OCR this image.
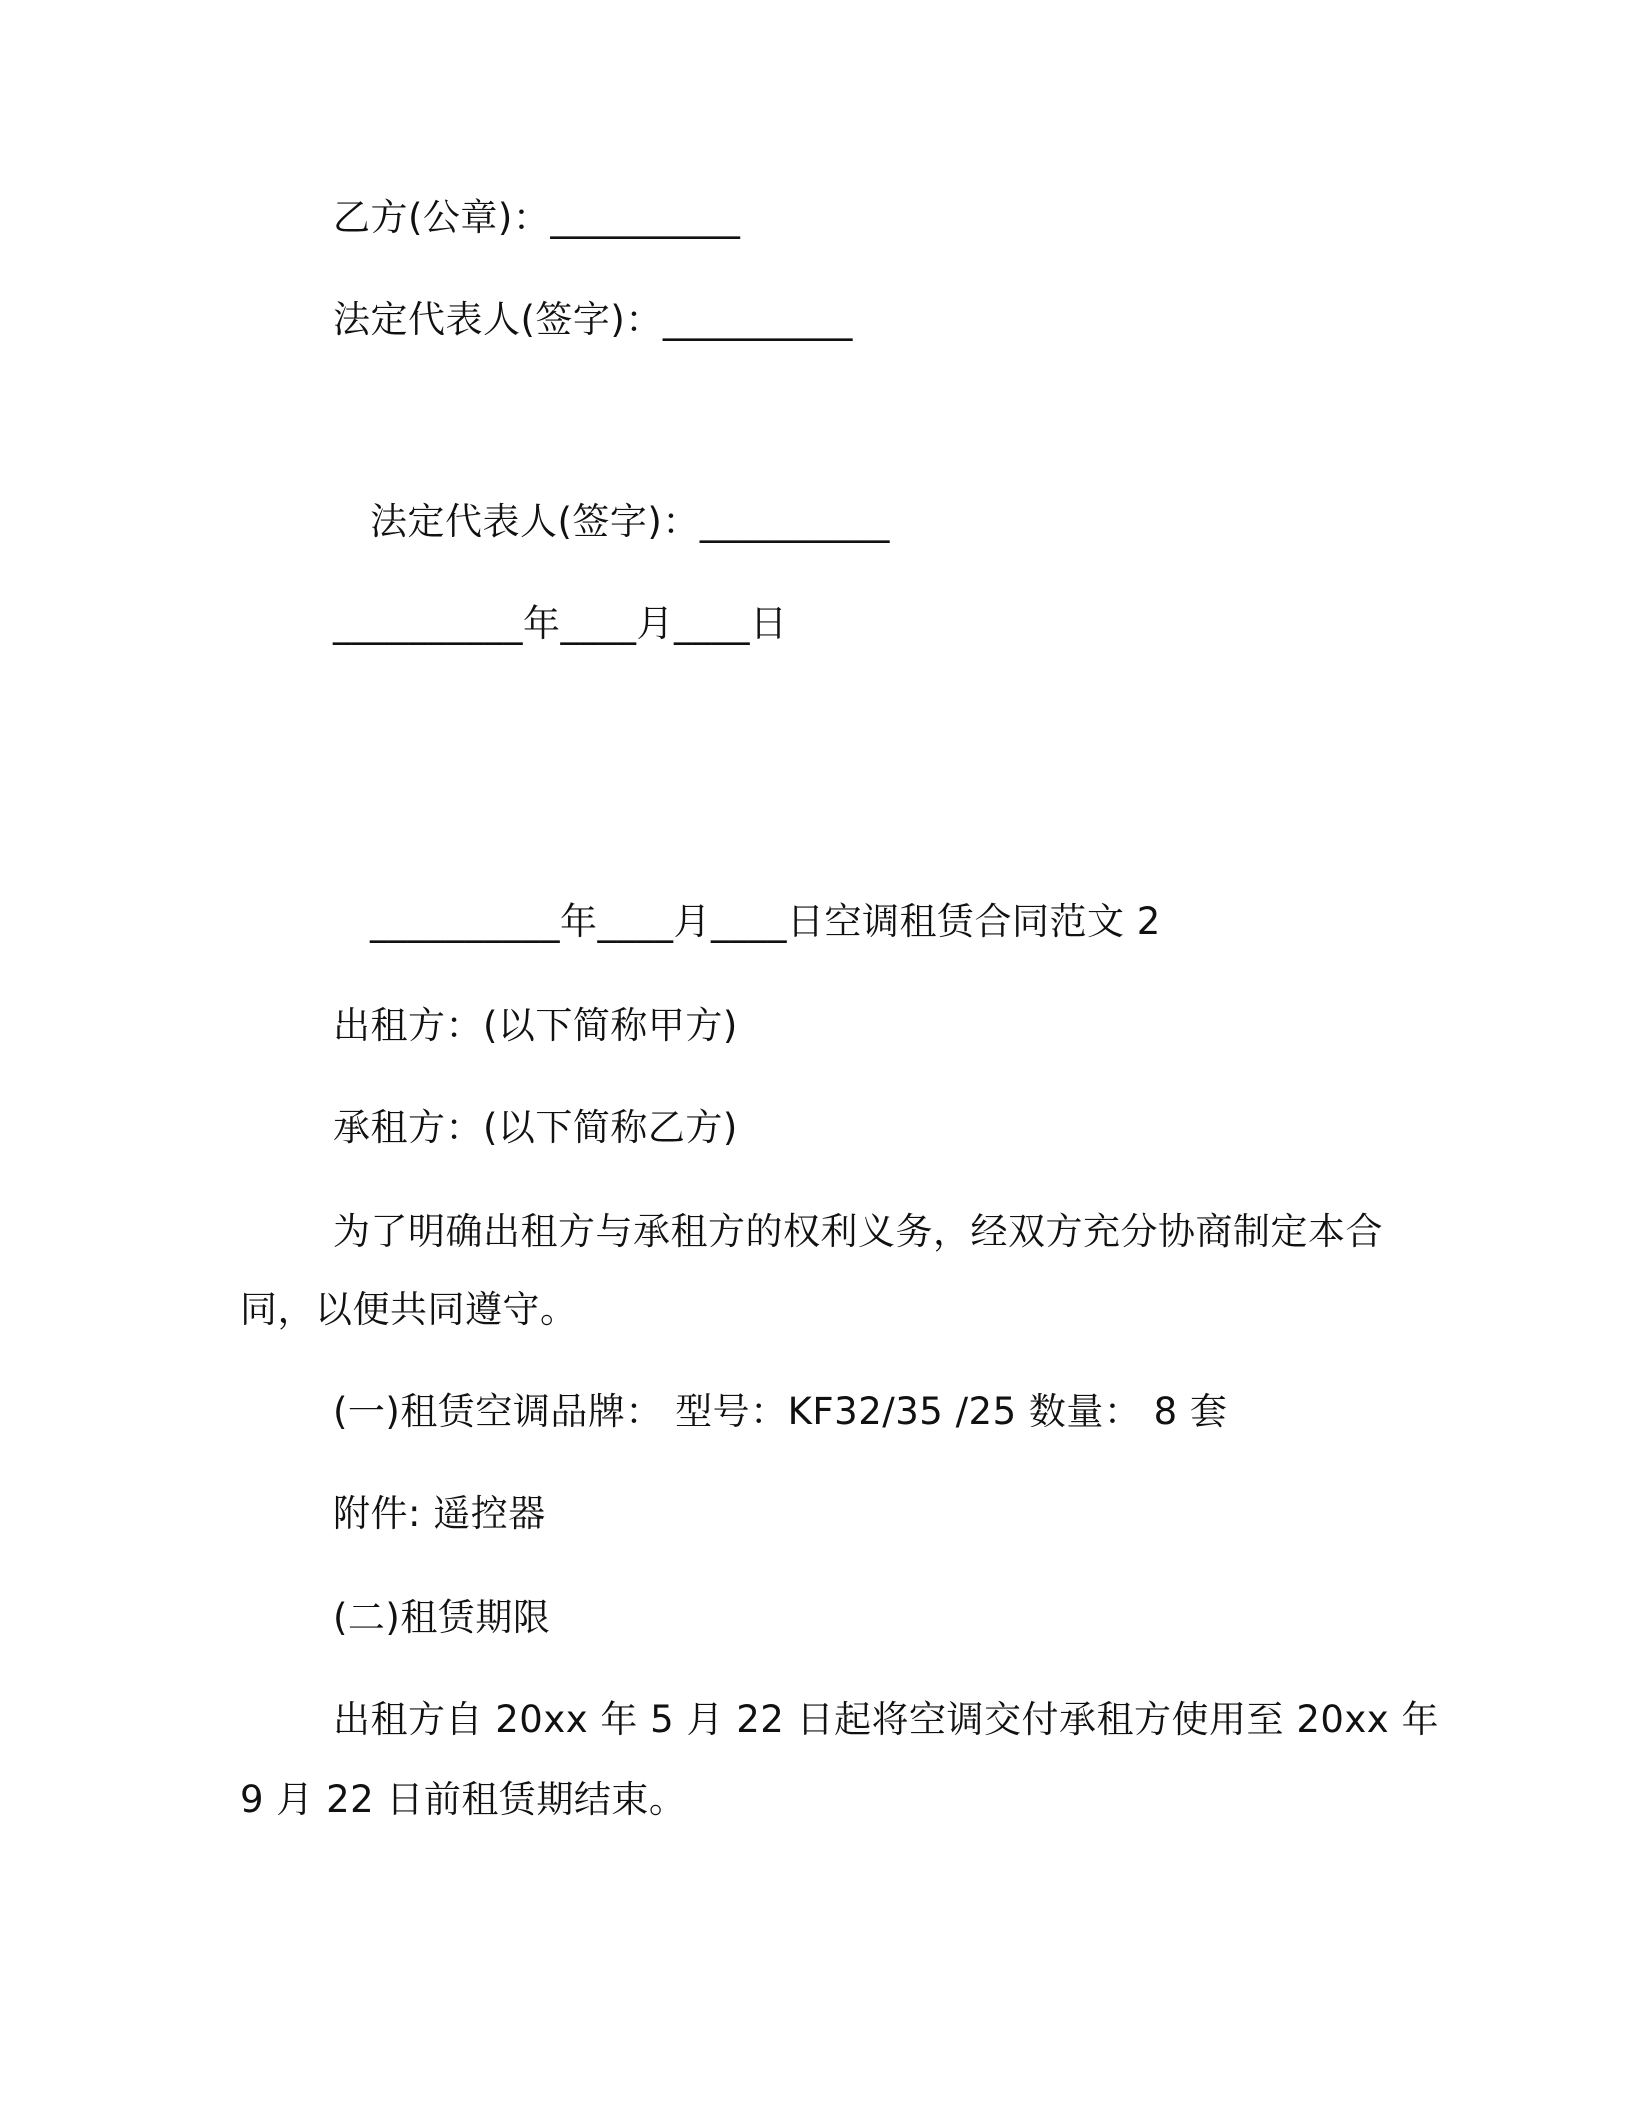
乙方(公章)：__________
法定代表人(签字)：__________
法定代表人(签字)：__________
__________年____月____日
__________年____月____日空调租赁合同范文 2
出租方：(以下简称甲方)
承租方：(以下简称乙方)
为了明确出租方与承租方的权利义务，经双方充分协商制定本合
同，以便共同遵守。
(一)租赁空调品牌： 型号：KF32/35 /25 数量： 8 套
附件: 遥控器
(二)租赁期限
出租方自 20xx 年 5 月 22 日起将空调交付承租方使用至 20xx 年
9 月 22 日前租赁期结束。
